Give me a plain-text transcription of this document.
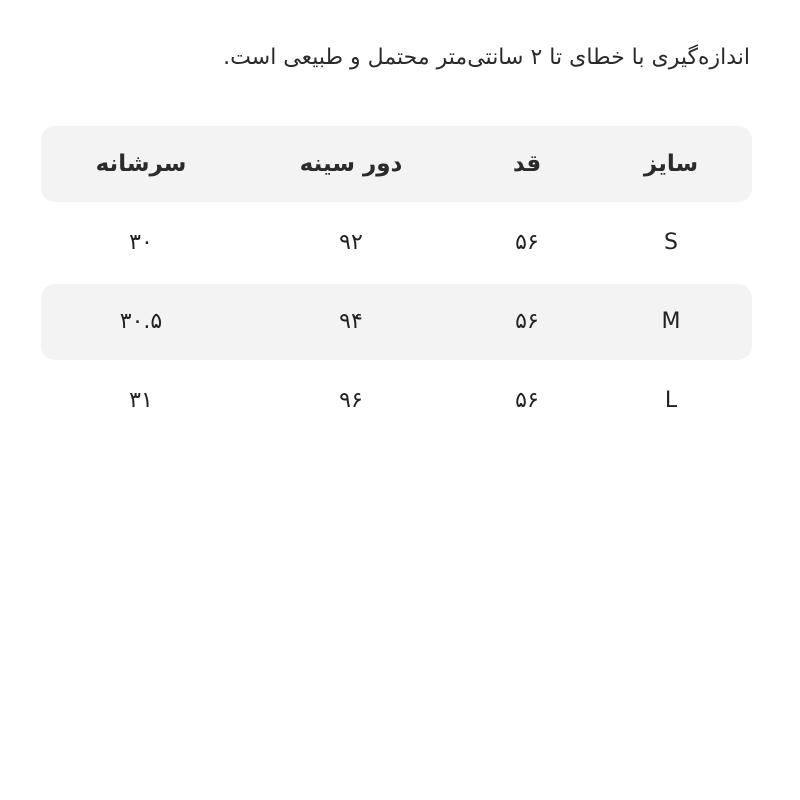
اندازه‌گیری با خطای تا ۲ سانتی‌متر محتمل و طبیعی است.
سرشانه	دور سینه	قد	سایز
۳۰	۹۲	۵۶	S
۳۰.۵	۹۴	۵۶	M
۳۱	۹۶	۵۶	L
